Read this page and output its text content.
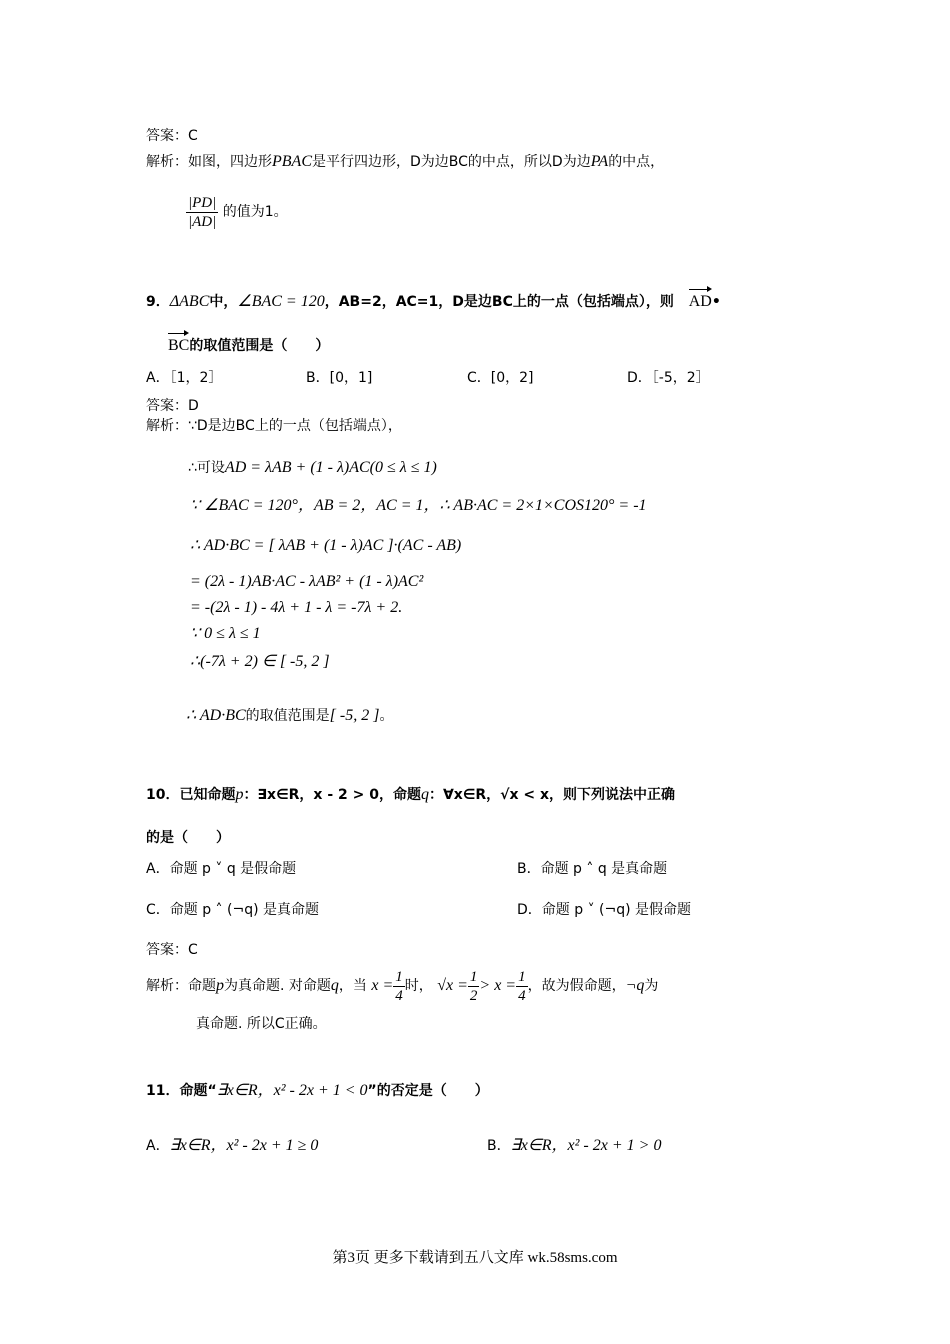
答案：C
解析：如图，四边形PBAC是平行四边形，D为边BC的中点，所以D为边PA的中点，
$\frac{|PD|}{|AD|}$ 的值为1。
9．ΔABC中，∠BAC = 120，AB=2，AC=1，D是边BC上的一点（包括端点），则 AD•
BC的取值范围是（　　）
A．［1，2］	B．[0，1]	C．[0，2]	D．［-5，2］
答案：D
解析：∵D是边BC上的一点（包括端点），
∴可设AD = λAB + (1 - λ)AC(0 ≤ λ ≤ 1)
∵ ∠BAC = 120°，AB = 2，AC = 1，∴ AB·AC = 2×1×COS120° = -1
∴ AD·BC = [ λAB + (1 - λ)AC ]·(AC - AB)
= (2λ - 1)AB·AC - λAB² + (1 - λ)AC²
= -(2λ - 1) - 4λ + 1 - λ = -7λ + 2.
∵ 0 ≤ λ ≤ 1
∴(-7λ + 2) ∈ [ -5, 2 ]
∴ AD·BC的取值范围是[ -5, 2 ]。
10．已知命题p：∃x∈R，x - 2 > 0，命题q：∀x∈R，√x < x，则下列说法中正确
的是（　　）
A．命题 p ˅ q 是假命题	B．命题 p ˄ q 是真命题
C．命题 p ˄ (¬q) 是真命题	D．命题 p ˅ (¬q) 是假命题
答案：C
解析：命题p为真命题. 对命题q，当 $x = \frac{1}{4}$ 时， $√x = \frac{1}{2} > x = \frac{1}{4}$ ，故为假命题，¬q为
真命题. 所以C正确。
11．命题“∃x∈R，x² - 2x + 1 < 0”的否定是（　　）
A．∃x∈R，x² - 2x + 1 ≥ 0	B．∃x∈R，x² - 2x + 1 > 0
第3页 更多下载请到五八文库 wk.58sms.com
